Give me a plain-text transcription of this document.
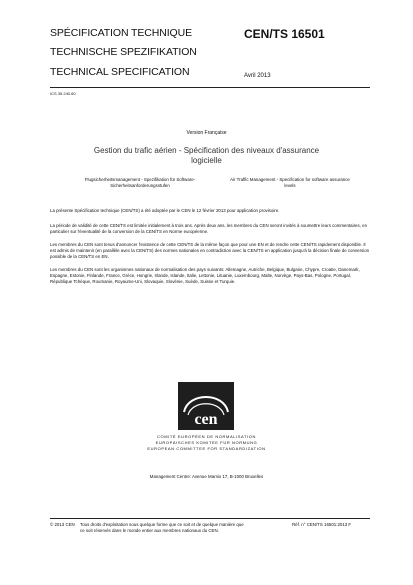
SPÉCIFICATION TECHNIQUE
TECHNISCHE SPEZIFIKATION
TECHNICAL SPECIFICATION
CEN/TS 16501
Avril 2013
ICS 35.240.60
Version Française
Gestion du trafic aérien - Spécification des niveaux d'assurance logicielle
Flugsicherheitsmanagement - Spezifikation für Software-Sicherheitsanforderungsstufen
Air Traffic Management - Specification for software assurance levels
La présente Spécification technique (CEN/TS) a été adoptée par le CEN le 12 février 2013 pour application provisoire.
La période de validité de cette CEN/TS est limitée initialement à trois ans. Après deux ans, les membres du CEN seront invités à soumettre leurs commentaires, en particulier sur l'éventualité de la conversion de la CEN/TS en Norme européenne.
Les membres du CEN sont tenus d'annoncer l'existence de cette CEN/TS de la même façon que pour une EN et de rendre cette CEN/TS rapidement disponible. Il est admis de maintenir (en parallèle avec la CEN/TS) des normes nationales en contradiction avec la CEN/TS en application jusqu'à la décision finale de conversion possible de la CEN/TS en EN.
Les membres du CEN sont les organismes nationaux de normalisation des pays suivants: Allemagne, Autriche, Belgique, Bulgarie, Chypre, Croatie, Danemark, Espagne, Estonie, Finlande, France, Grèce, Hongrie, Irlande, Islande, Italie, Lettonie, Lituanie, Luxembourg, Malte, Norvège, Pays-Bas, Pologne, Portugal, République Tchèque, Roumanie, Royaume-Uni, Slovaquie, Slovénie, Suède, Suisse et Turquie.
cen
COMITÉ EUROPÉEN DE NORMALISATION
EUROPÄISCHES KOMITEE FÜR NORMUNG
EUROPEAN COMMITTEE FOR STANDARDIZATION
Management Centre: Avenue Marnix 17, B-1000 Bruxelles
© 2013 CEN Tous droits d'exploitation sous quelque forme que ce soit et de quelque manière que
ce soit réservés dans le monde entier aux membres nationaux du CEN.
Réf. n° CEN/TS 16501:2013 F
